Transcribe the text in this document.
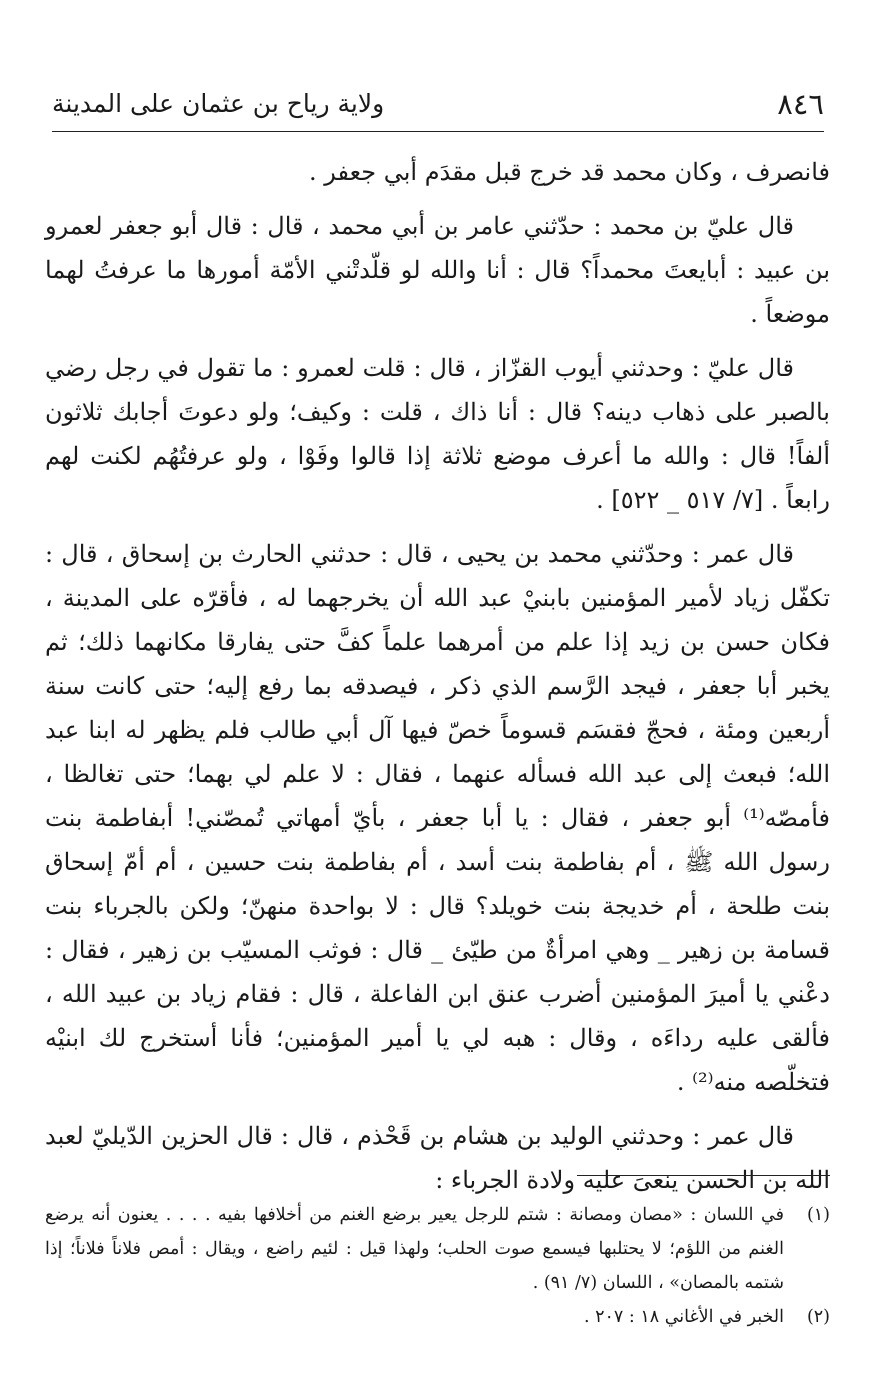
٨٤٦
ولاية رياح بن عثمان على المدينة

فانصرف ، وكان محمد قد خرج قبل مقدَم أبي جعفر .

قال عليّ بن محمد : حدّثني عامر بن أبي محمد ، قال : قال أبو جعفر لعمرو بن عبيد : أبايعتَ محمداً؟ قال : أنا والله لو قلّدتْني الأمّة أمورها ما عرفتُ لهما موضعاً .

قال عليّ : وحدثني أيوب القزّاز ، قال : قلت لعمرو : ما تقول في رجل رضي بالصبر على ذهاب دينه؟ قال : أنا ذاك ، قلت : وكيف؛ ولو دعوتَ أجابك ثلاثون ألفاً! قال : والله ما أعرف موضع ثلاثة إذا قالوا وفَوْا ، ولو عرفتُهُم لكنت لهم رابعاً . [٧/ ٥١٧ _ ٥٢٢] .

قال عمر : وحدّثني محمد بن يحيى ، قال : حدثني الحارث بن إسحاق ، قال : تكفّل زياد لأمير المؤمنين بابنيْ عبد الله أن يخرجهما له ، فأقرّه على المدينة ، فكان حسن بن زيد إذا علم من أمرهما علماً كفَّ حتى يفارقا مكانهما ذلك؛ ثم يخبر أبا جعفر ، فيجد الرَّسم الذي ذكر ، فيصدقه بما رفع إليه؛ حتى كانت سنة أربعين ومئة ، فحجّ فقسَم قسوماً خصّ فيها آل أبي طالب فلم يظهر له ابنا عبد الله؛ فبعث إلى عبد الله فسأله عنهما ، فقال : لا علم لي بهما؛ حتى تغالظا ، فأمصّه⁽¹⁾ أبو جعفر ، فقال : يا أبا جعفر ، بأيّ أمهاتي تُمصّني! أبفاطمة بنت رسول الله ﷺ ، أم بفاطمة بنت أسد ، أم بفاطمة بنت حسين ، أم أمّ إسحاق بنت طلحة ، أم خديجة بنت خويلد؟ قال : لا بواحدة منهنّ؛ ولكن بالجرباء بنت قسامة بن زهير _ وهي امرأةٌ من طيّئ _ قال : فوثب المسيّب بن زهير ، فقال : دعْني يا أميرَ المؤمنين أضرب عنق ابن الفاعلة ، قال : فقام زياد بن عبيد الله ، فألقى عليه رداءَه ، وقال : هبه لي يا أمير المؤمنين؛ فأنا أستخرج لك ابنيْه فتخلّصه منه⁽²⁾ .

قال عمر : وحدثني الوليد بن هشام بن قَحْذم ، قال : قال الحزين الدّيليّ لعبد الله بن الحسن ينعىَ عليه ولادة الجرباء :

(١)
في اللسان : «مصان ومصانة : شتم للرجل يعير برضع الغنم من أخلافها بفيه . . . . يعنون أنه يرضع الغنم من اللؤم؛ لا يحتلبها فيسمع صوت الحلب؛ ولهذا قيل : لئيم راضع ، ويقال : أمص فلاناً فلاناً؛ إذا شتمه بالمصان» ، اللسان (٧/ ٩١) .

(٢)
الخبر في الأغاني ١٨ : ٢٠٧ .
